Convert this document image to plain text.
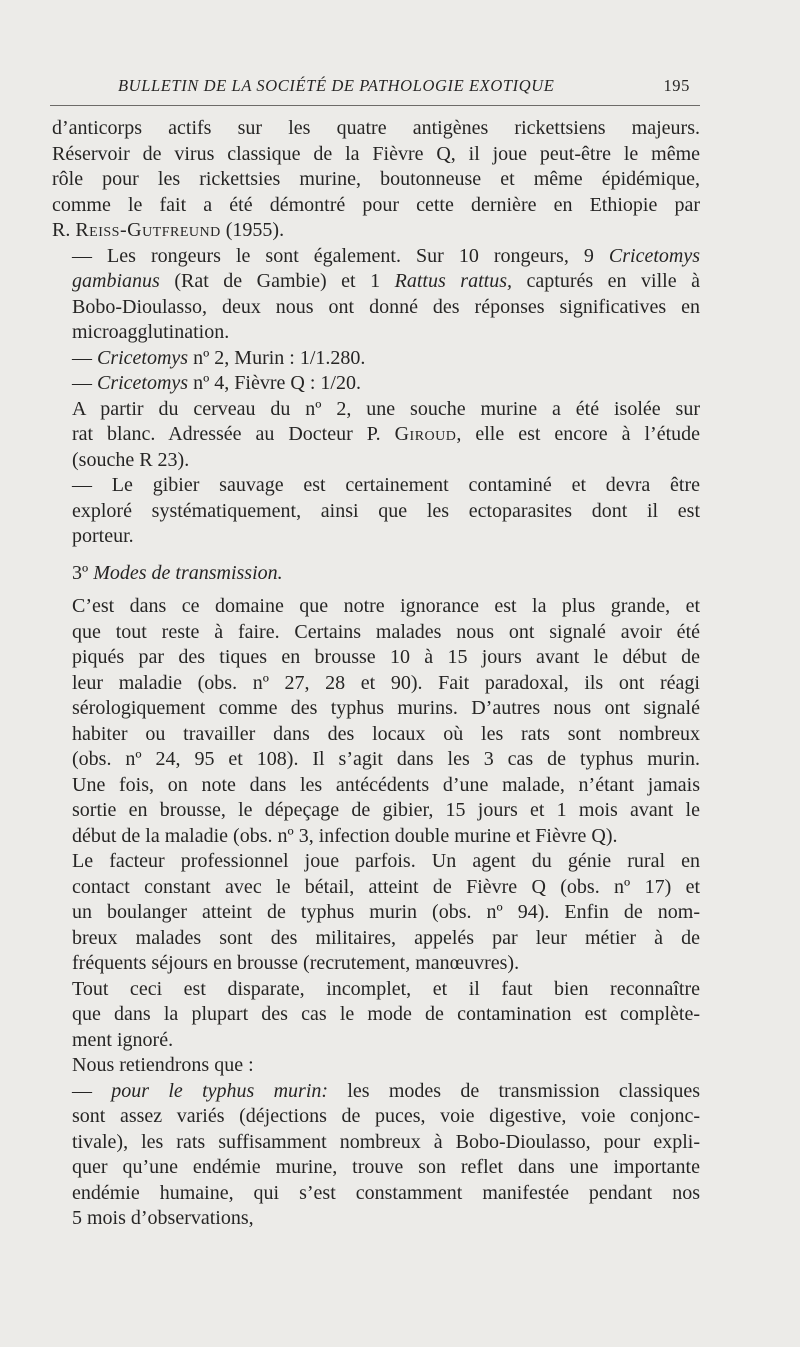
BULLETIN DE LA SOCIÉTÉ DE PATHOLOGIE EXOTIQUE	195
d’anticorps actifs sur les quatre antigènes rickettsiens majeurs.
Réservoir de virus classique de la Fièvre Q, il joue peut-être le même
rôle pour les rickettsies murine, boutonneuse et même épidémique,
comme le fait a été démontré pour cette dernière en Ethiopie par
R. Reiss-Gutfreund (1955).
— Les rongeurs le sont également. Sur 10 rongeurs, 9 Cricetomys
gambianus (Rat de Gambie) et 1 Rattus rattus, capturés en ville à
Bobo-Dioulasso, deux nous ont donné des réponses significatives en
microagglutination.
— Cricetomys nº 2, Murin : 1/1.280.
— Cricetomys nº 4, Fièvre Q : 1/20.
A partir du cerveau du nº 2, une souche murine a été isolée sur
rat blanc. Adressée au Docteur P. Giroud, elle est encore à l’étude
(souche R 23).
— Le gibier sauvage est certainement contaminé et devra être
exploré systématiquement, ainsi que les ectoparasites dont il est
porteur.
3º Modes de transmission.
C’est dans ce domaine que notre ignorance est la plus grande, et
que tout reste à faire. Certains malades nous ont signalé avoir été
piqués par des tiques en brousse 10 à 15 jours avant le début de
leur maladie (obs. nº 27, 28 et 90). Fait paradoxal, ils ont réagi
sérologiquement comme des typhus murins. D’autres nous ont signalé
habiter ou travailler dans des locaux où les rats sont nombreux
(obs. nº 24, 95 et 108). Il s’agit dans les 3 cas de typhus murin.
Une fois, on note dans les antécédents d’une malade, n’étant jamais
sortie en brousse, le dépeçage de gibier, 15 jours et 1 mois avant le
début de la maladie (obs. nº 3, infection double murine et Fièvre Q).
Le facteur professionnel joue parfois. Un agent du génie rural en
contact constant avec le bétail, atteint de Fièvre Q (obs. nº 17) et
un boulanger atteint de typhus murin (obs. nº 94). Enfin de nom-
breux malades sont des militaires, appelés par leur métier à de
fréquents séjours en brousse (recrutement, manœuvres).
Tout ceci est disparate, incomplet, et il faut bien reconnaître
que dans la plupart des cas le mode de contamination est complète-
ment ignoré.
Nous retiendrons que :
— pour le typhus murin: les modes de transmission classiques
sont assez variés (déjections de puces, voie digestive, voie conjonc-
tivale), les rats suffisamment nombreux à Bobo-Dioulasso, pour expli-
quer qu’une endémie murine, trouve son reflet dans une importante
endémie humaine, qui s’est constamment manifestée pendant nos
5 mois d’observations,
